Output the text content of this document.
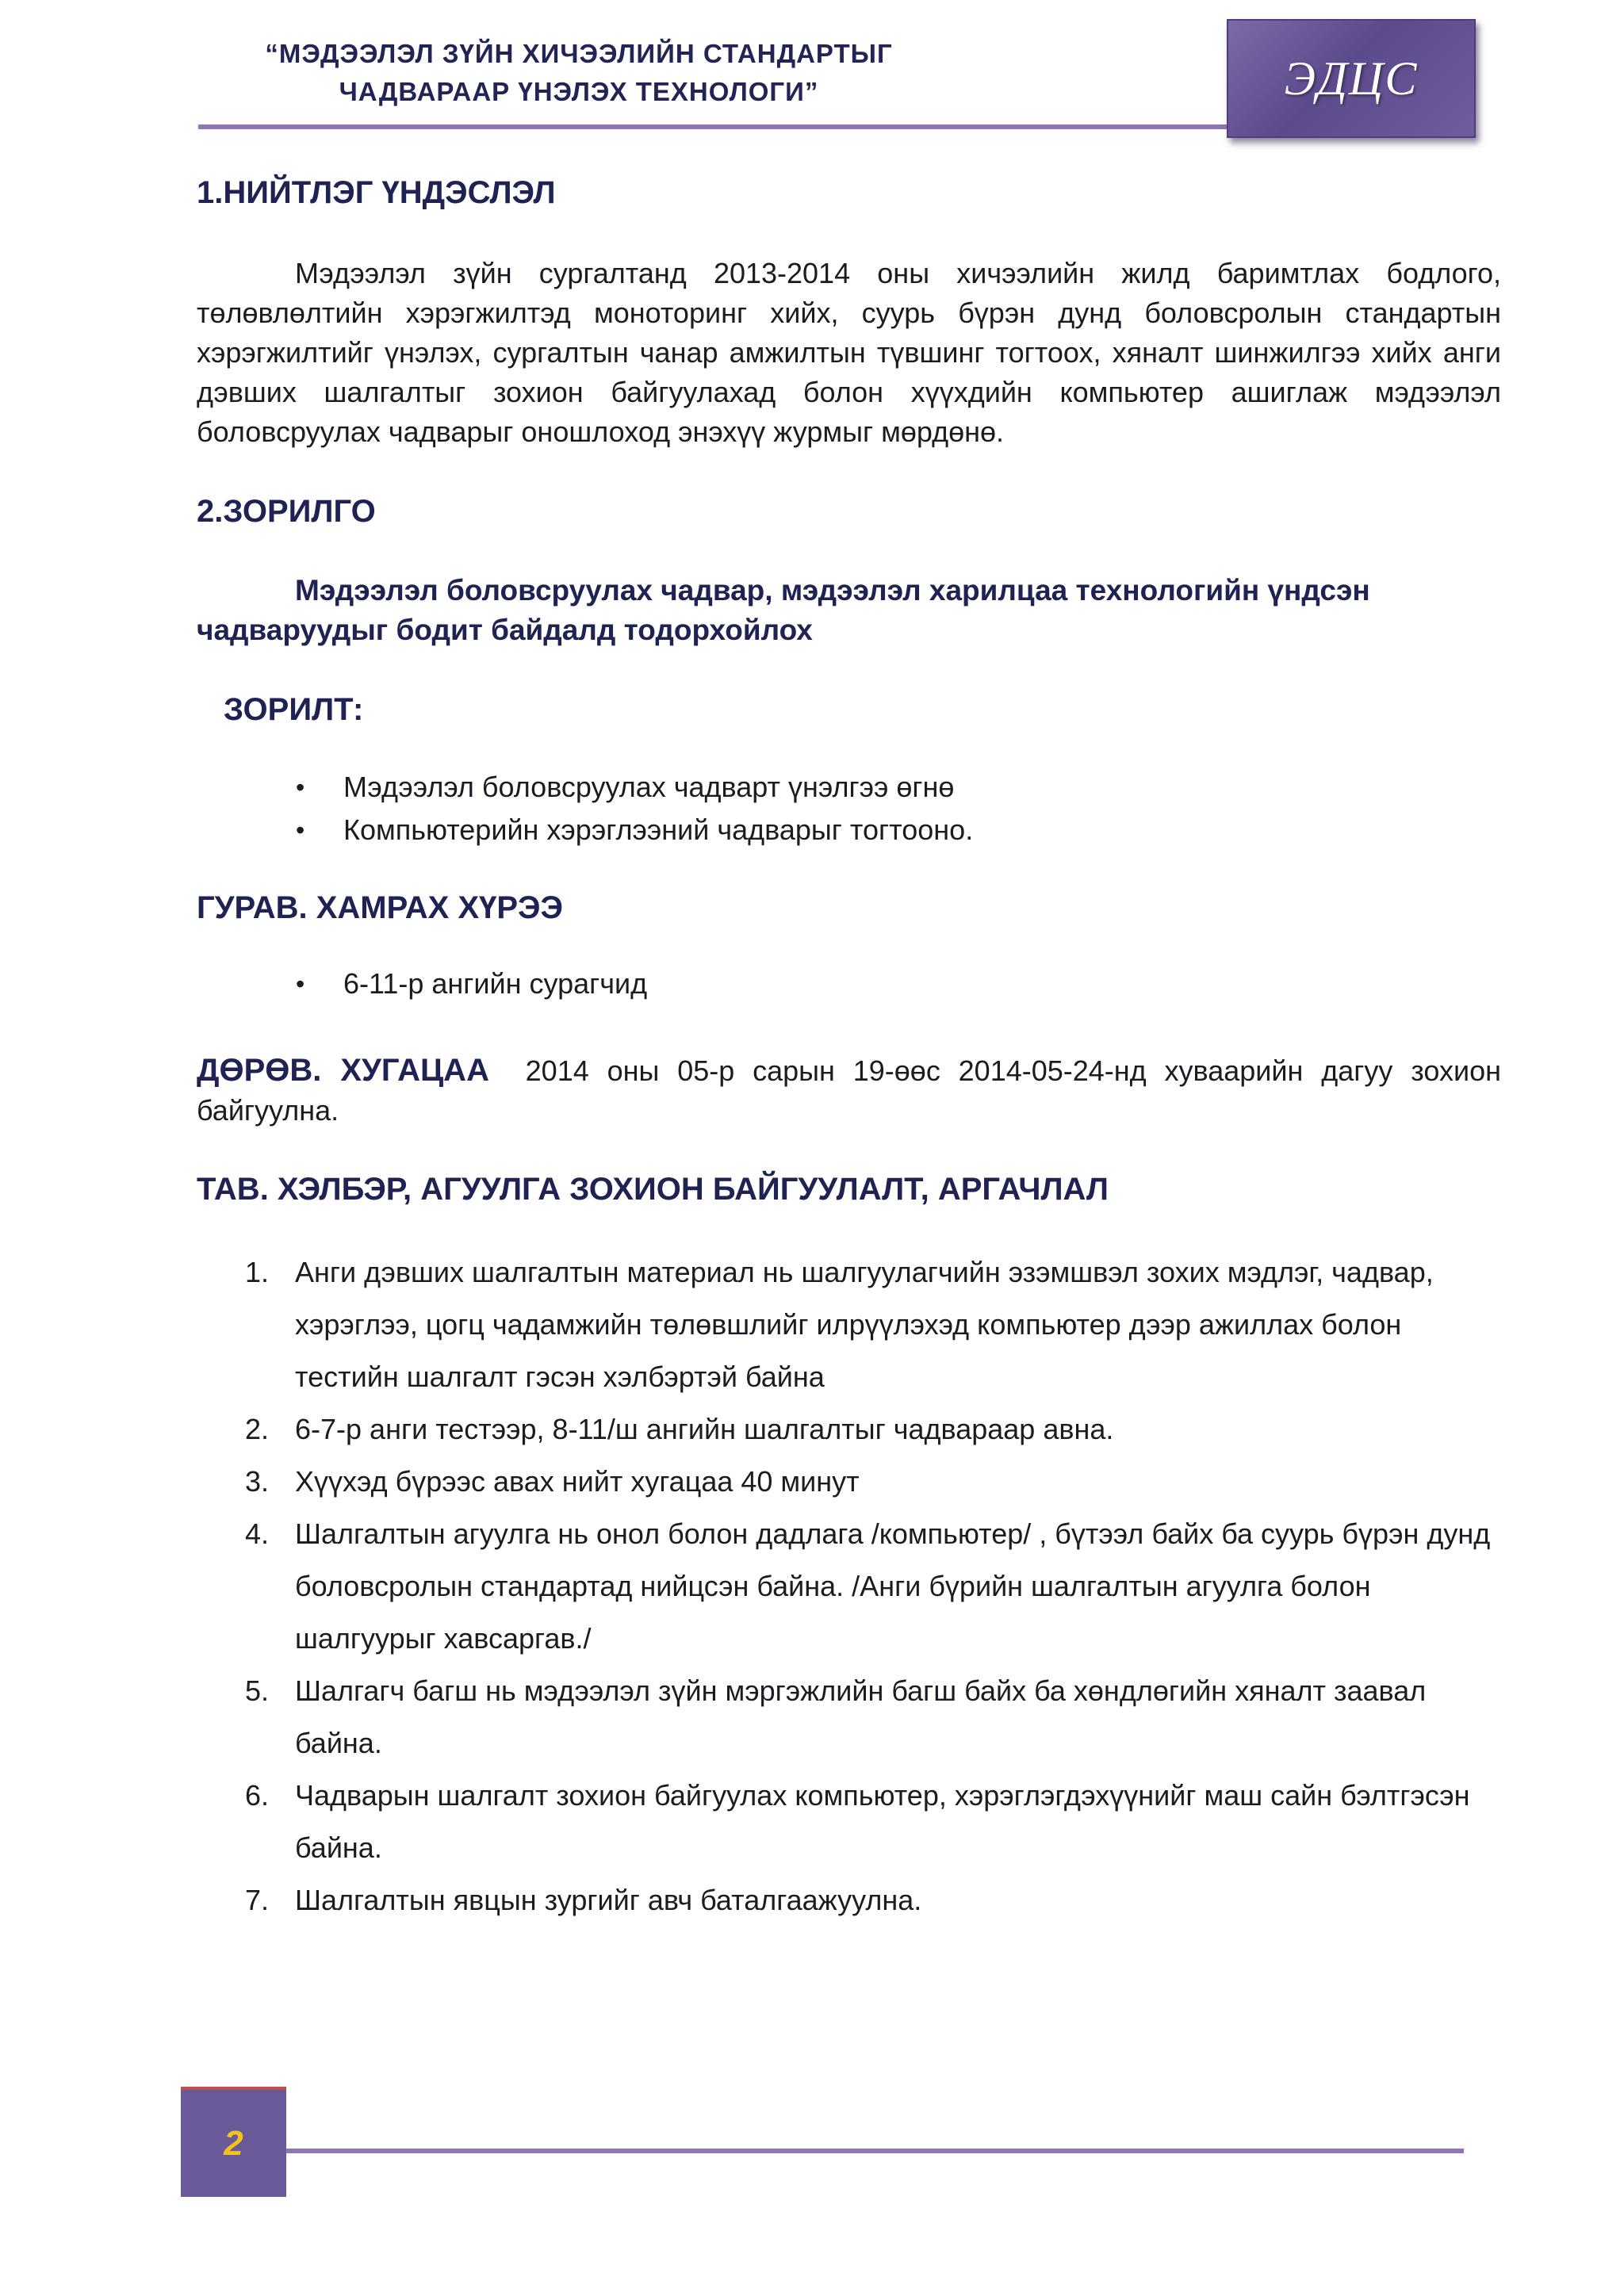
“МЭДЭЭЛЭЛ ЗҮЙН ХИЧЭЭЛИЙН СТАНДАРТЫГ
ЧАДВАРААР ҮНЭЛЭХ ТЕХНОЛОГИ”	ЭДЦС
1.НИЙТЛЭГ ҮНДЭСЛЭЛ

Мэдээлэл зүйн сургалтанд 2013-2014 оны хичээлийн жилд баримтлах бодлого, төлөвлөлтийн хэрэгжилтэд моноторинг хийх, суурь бүрэн дунд боловсролын стандартын хэрэгжилтийг үнэлэх, сургалтын чанар амжилтын түвшинг тогтоох, хяналт шинжилгээ хийх анги дэвших шалгалтыг зохион байгуулахад болон хүүхдийн компьютер ашиглаж мэдээлэл боловсруулах чадварыг оношлоход энэхүү журмыг мөрдөнө.

2.ЗОРИЛГО

Мэдээлэл боловсруулах чадвар, мэдээлэл харилцаа технологийн үндсэн чадваруудыг бодит байдалд тодорхойлох

ЗОРИЛТ:
• Мэдээлэл боловсруулах чадварт үнэлгээ өгнө
• Компьютерийн хэрэглээний чадварыг тогтооно.
ГУРАВ. ХАМРАХ ХҮРЭЭ
• 6-11-р ангийн сурагчид

ДӨРӨВ. ХУГАЦАА 2014 оны 05-р сарын 19-өөс 2014-05-24-нд хуваарийн дагуу зохион байгуулна.

ТАВ. ХЭЛБЭР, АГУУЛГА ЗОХИОН БАЙГУУЛАЛТ, АРГАЧЛАЛ
1. Анги дэвших шалгалтын материал нь шалгуулагчийн эзэмшвэл зохих мэдлэг, чадвар, хэрэглээ, цогц чадамжийн төлөвшлийг илрүүлэхэд компьютер дээр ажиллах болон тестийн шалгалт гэсэн хэлбэртэй байна
2. 6-7-р анги тестээр, 8-11/ш ангийн шалгалтыг чадвараар авна.
3. Хүүхэд бүрээс авах нийт хугацаа 40 минут
4. Шалгалтын агуулга нь онол болон дадлага /компьютер/ , бүтээл байх ба суурь бүрэн дунд боловсролын стандартад нийцсэн байна. /Анги бүрийн шалгалтын агуулга болон шалгуурыг хавсаргав./
5. Шалгагч багш нь мэдээлэл зүйн мэргэжлийн багш байх ба хөндлөгийн хяналт заавал байна.
6. Чадварын шалгалт зохион байгуулах компьютер, хэрэглэгдэхүүнийг маш сайн бэлтгэсэн байна.
7. Шалгалтын явцын зургийг авч баталгаажуулна.
2
